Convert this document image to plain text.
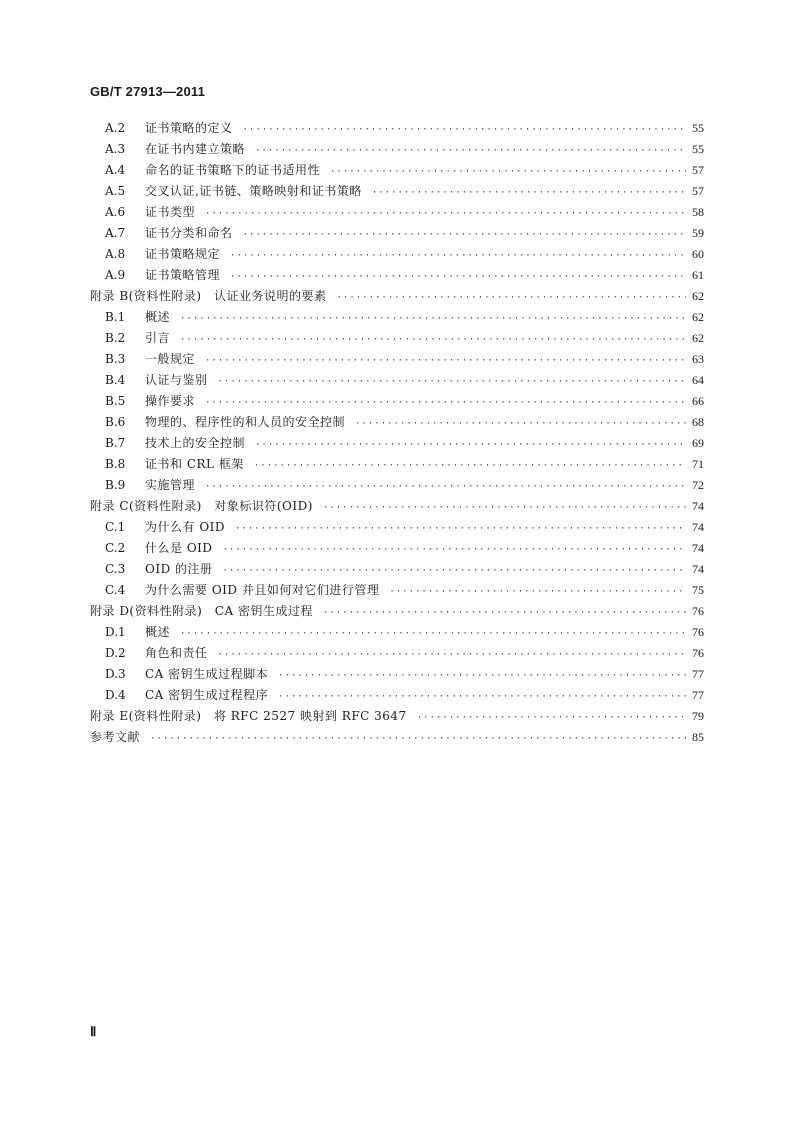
GB/T 27913—2011
A.2	证书策略的定义 ·····	55
A.3	在证书内建立策略 ·····	55
A.4	命名的证书策略下的证书适用性 ·····	57
A.5	交叉认证,证书链、策略映射和证书策略 ·····	57
A.6	证书类型 ·····	58
A.7	证书分类和命名 ·····	59
A.8	证书策略规定 ·····	60
A.9	证书策略管理 ·····	61
附录 B(资料性附录)　认证业务说明的要素 ·····	62
B.1	概述 ·····	62
B.2	引言 ·····	62
B.3	一般规定 ·····	63
B.4	认证与鉴别 ·····	64
B.5	操作要求 ·····	66
B.6	物理的、程序性的和人员的安全控制 ·····	68
B.7	技术上的安全控制 ·····	69
B.8	证书和 CRL 框架 ·····	71
B.9	实施管理 ·····	72
附录 C(资料性附录)　对象标识符(OID) ·····	74
C.1	为什么有 OID ·····	74
C.2	什么是 OID ·····	74
C.3	OID 的注册 ·····	74
C.4	为什么需要 OID 并且如何对它们进行管理 ·····	75
附录 D(资料性附录)　CA 密钥生成过程 ·····	76
D.1	概述 ·····	76
D.2	角色和责任 ·····	76
D.3	CA 密钥生成过程脚本 ·····	77
D.4	CA 密钥生成过程程序 ·····	77
附录 E(资料性附录)　将 RFC 2527 映射到 RFC 3647 ·····	79
参考文献 ·····	85
Ⅱ
